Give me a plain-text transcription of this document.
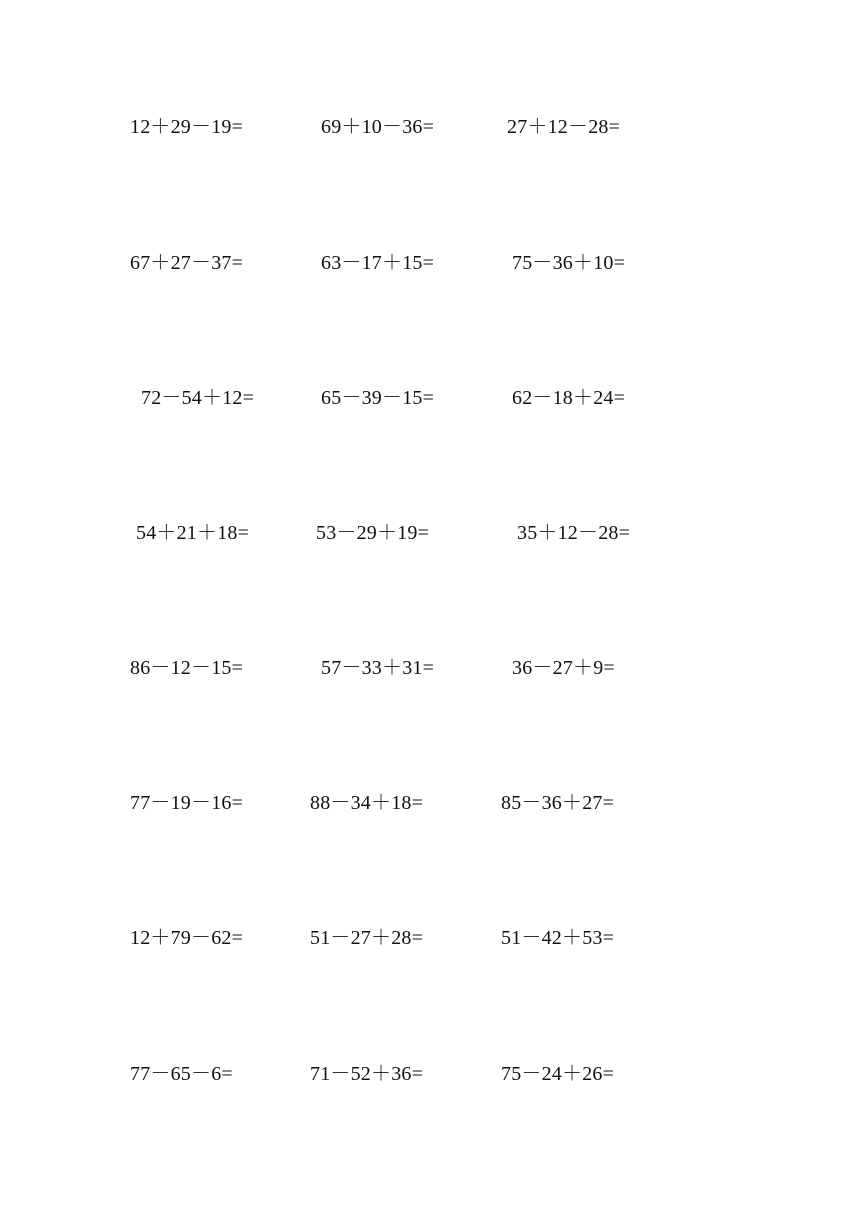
12＋29－19=	69＋10－36=	27＋12－28=
67＋27－37=	63－17＋15=	75－36＋10=
72－54＋12=	65－39－15=	62－18＋24=
54＋21＋18=	53－29＋19=	35＋12－28=
86－12－15=	57－33＋31=	36－27＋9=
77－19－16=	88－34＋18=	85－36＋27=
12＋79－62=	51－27＋28=	51－42＋53=
77－65－6=	71－52＋36=	75－24＋26=
